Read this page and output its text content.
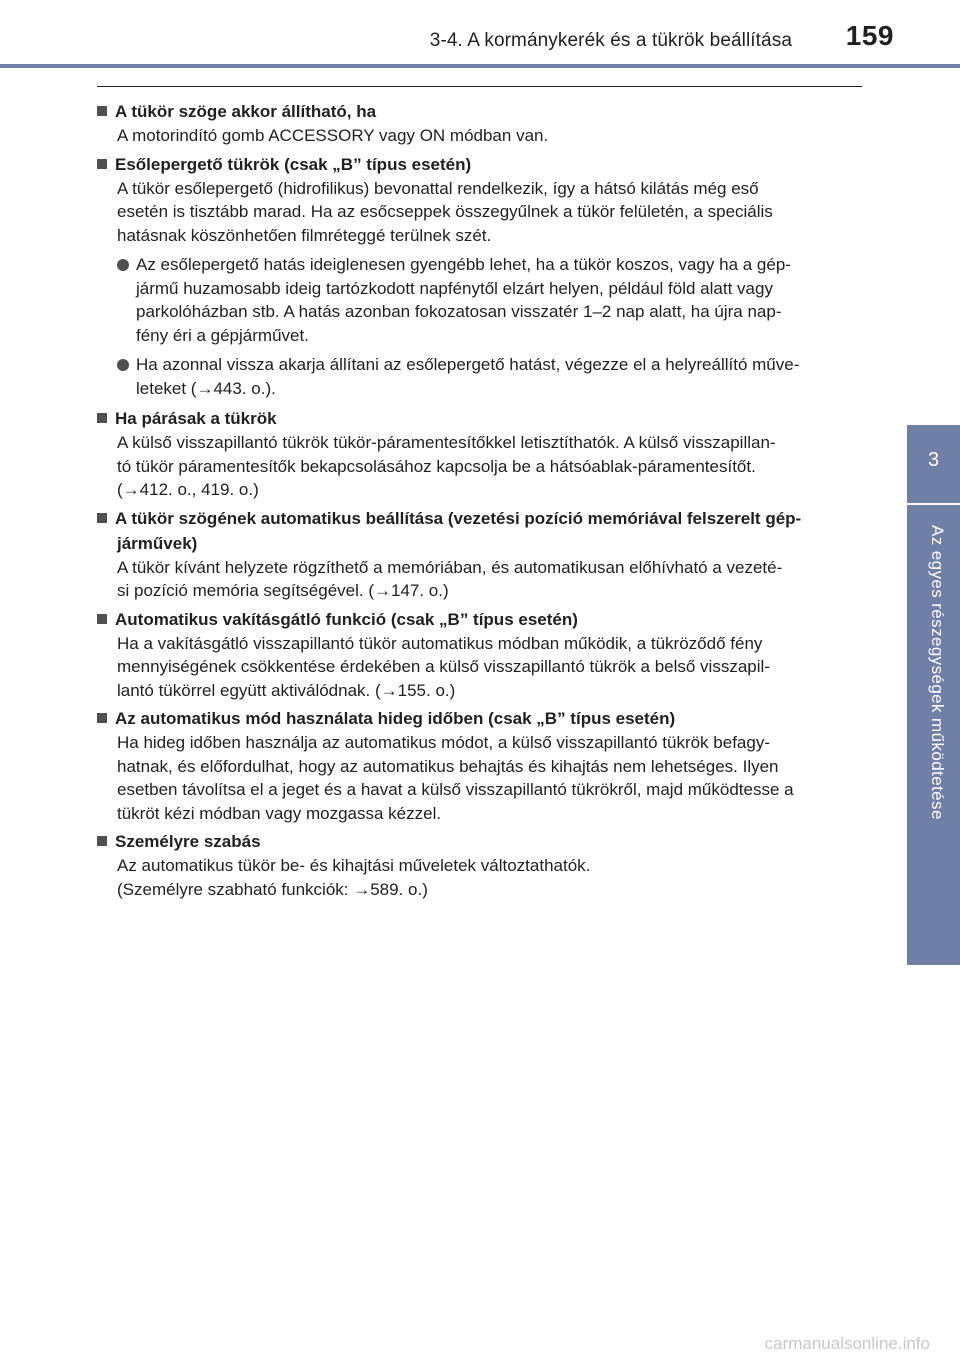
3-4. A kormánykerék és a tükrök beállítása 159
3
Az egyes részegységek működtetése
A tükör szöge akkor állítható, ha
A motorindító gomb ACCESSORY vagy ON módban van.
Esőlepergető tükrök (csak „B” típus esetén)
A tükör esőlepergető (hidrofilikus) bevonattal rendelkezik, így a hátsó kilátás még eső
esetén is tisztább marad. Ha az esőcseppek összegyűlnek a tükör felületén, a speciális
hatásnak köszönhetően filmréteggé terülnek szét.
Az esőlepergető hatás ideiglenesen gyengébb lehet, ha a tükör koszos, vagy ha a gép-
jármű huzamosabb ideig tartózkodott napfénytől elzárt helyen, például föld alatt vagy
parkolóházban stb. A hatás azonban fokozatosan visszatér 1–2 nap alatt, ha újra nap-
fény éri a gépjárművet.
Ha azonnal vissza akarja állítani az esőlepergető hatást, végezze el a helyreállító műve-
leteket (→443. o.).
Ha párásak a tükrök
A külső visszapillantó tükrök tükör-páramentesítőkkel letisztíthatók. A külső visszapillan-
tó tükör páramentesítők bekapcsolásához kapcsolja be a hátsóablak-páramentesítőt.
(→412. o., 419. o.)
A tükör szögének automatikus beállítása (vezetési pozíció memóriával felszerelt gép-járművek)
A tükör kívánt helyzete rögzíthető a memóriában, és automatikusan előhívható a vezeté-
si pozíció memória segítségével. (→147. o.)
Automatikus vakításgátló funkció (csak „B” típus esetén)
Ha a vakításgátló visszapillantó tükör automatikus módban működik, a tükröződő fény
mennyiségének csökkentése érdekében a külső visszapillantó tükrök a belső visszapil-
lantó tükörrel együtt aktiválódnak. (→155. o.)
Az automatikus mód használata hideg időben (csak „B” típus esetén)
Ha hideg időben használja az automatikus módot, a külső visszapillantó tükrök befagy-
hatnak, és előfordulhat, hogy az automatikus behajtás és kihajtás nem lehetséges. Ilyen
esetben távolítsa el a jeget és a havat a külső visszapillantó tükrökről, majd működtesse a
tükröt kézi módban vagy mozgassa kézzel.
Személyre szabás
Az automatikus tükör be- és kihajtási műveletek változtathatók.
(Személyre szabható funkciók: →589. o.)
carmanualsonline.info
